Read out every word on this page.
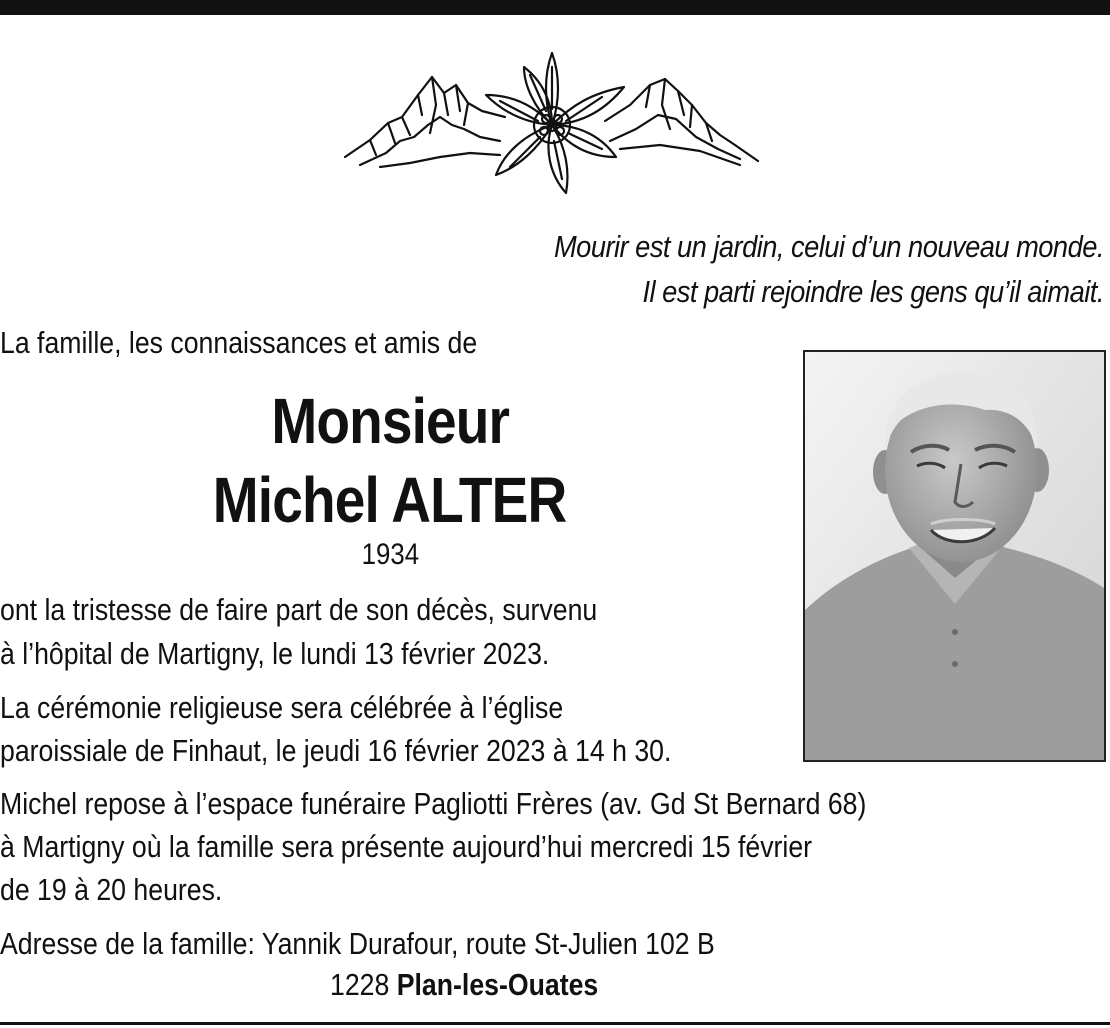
Mourir est un jardin, celui d’un nouveau monde.
Il est parti rejoindre les gens qu’il aimait.
La famille, les connaissances et amis de
Monsieur
Michel ALTER
1934
ont la tristesse de faire part de son décès, survenu
à l’hôpital de Martigny, le lundi 13 février 2023.
La cérémonie religieuse sera célébrée à l’église
paroissiale de Finhaut, le jeudi 16 février 2023 à 14 h 30.
Michel repose à l’espace funéraire Pagliotti Frères (av. Gd St Bernard 68)
à Martigny où la famille sera présente aujourd’hui mercredi 15 février
de 19 à 20 heures.
Adresse de la famille: Yannik Durafour, route St-Julien 102 B
1228 Plan-les-Ouates
